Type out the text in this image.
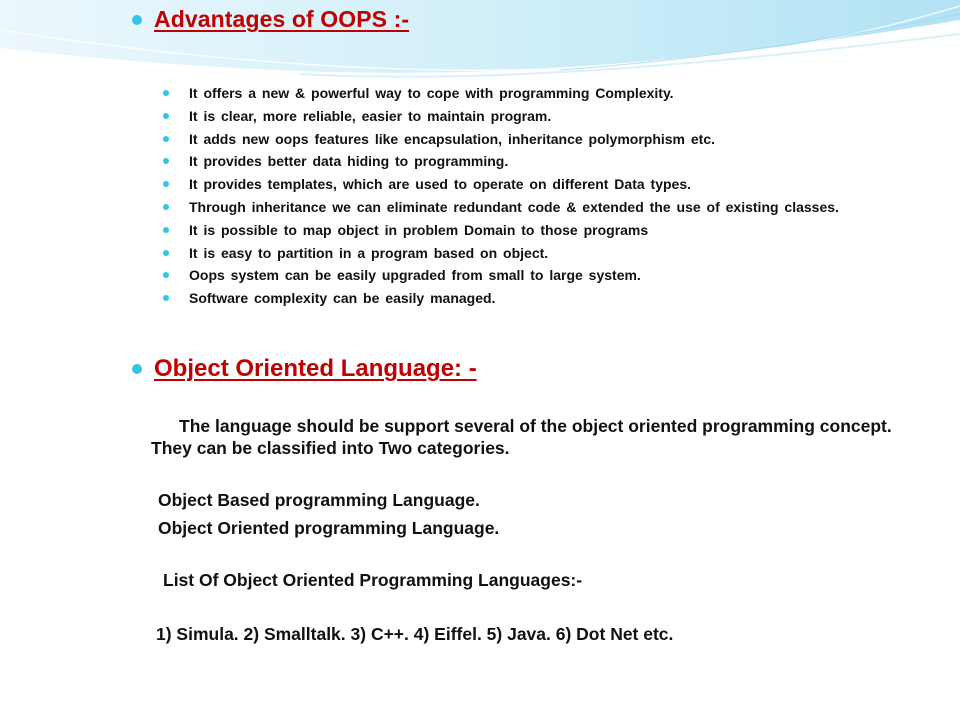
Advantages of OOPS :-
It offers a new & powerful way to cope with programming Complexity.
It is clear, more reliable, easier to maintain program.
It adds new oops features like encapsulation, inheritance polymorphism etc.
It provides better data hiding to programming.
It provides templates, which are used to operate on different Data types.
Through inheritance we can eliminate redundant code & extended the use of existing classes.
It is possible to map object in problem Domain to those programs
It is easy to partition in a program based on object.
Oops system can be easily upgraded from small to large system.
Software complexity can be easily managed.
Object Oriented Language: -
The language should be support several of the object oriented programming concept. They can be classified into Two categories.
Object Based programming Language.
Object Oriented programming Language.
List Of Object Oriented Programming Languages:-
1) Simula. 2) Smalltalk. 3) C++. 4) Eiffel. 5) Java. 6) Dot Net etc.
